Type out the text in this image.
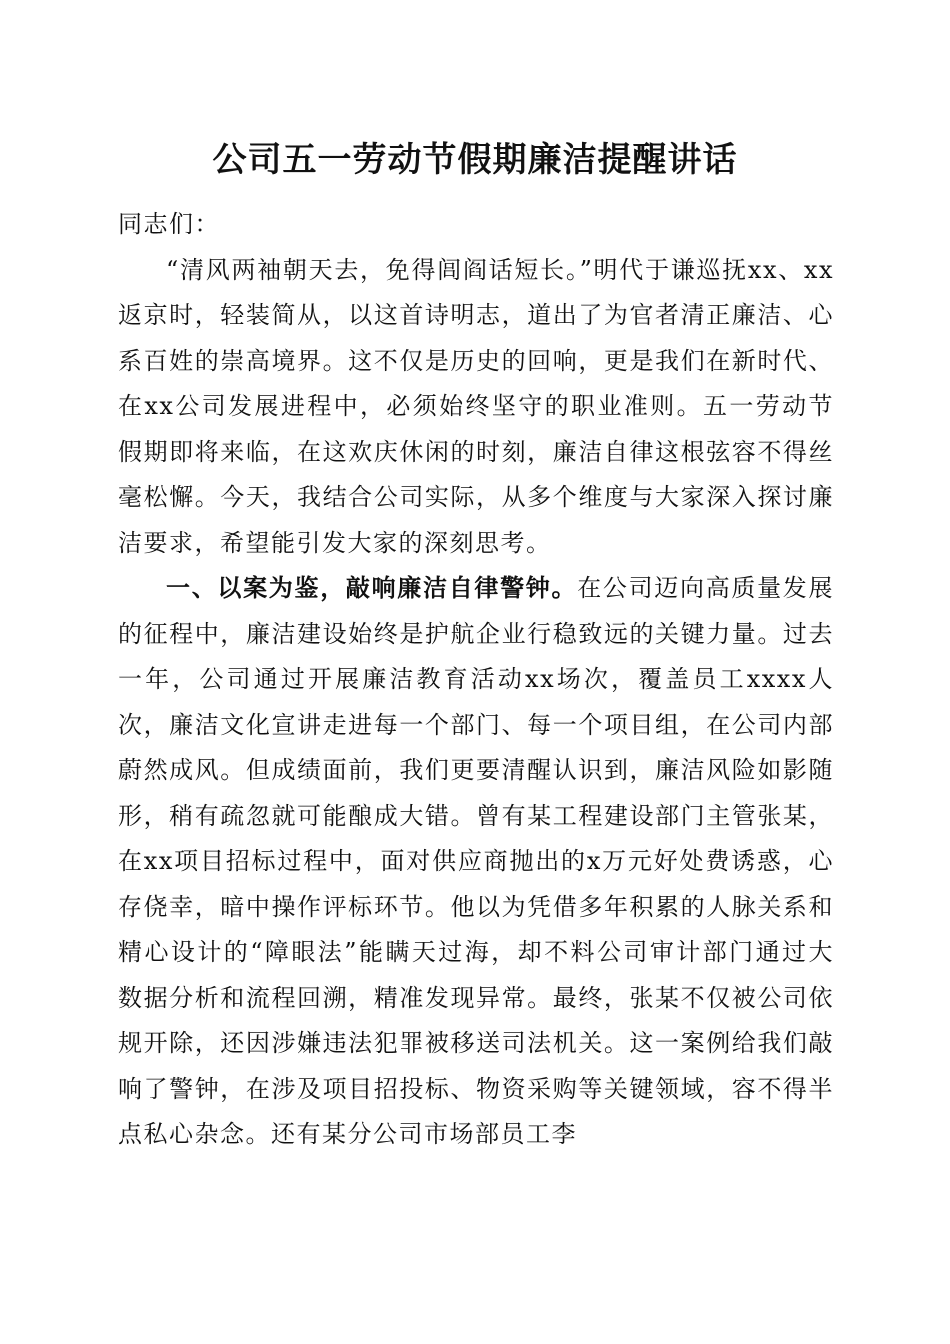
公司五一劳动节假期廉洁提醒讲话

同志们：

“清风两袖朝天去，免得闾阎话短长。”明代于谦巡抚xx、xx返京时，轻装简从，以这首诗明志，道出了为官者清正廉洁、心系百姓的崇高境界。这不仅是历史的回响，更是我们在新时代、在xx公司发展进程中，必须始终坚守的职业准则。五一劳动节假期即将来临，在这欢庆休闲的时刻，廉洁自律这根弦容不得丝毫松懈。今天，我结合公司实际，从多个维度与大家深入探讨廉洁要求，希望能引发大家的深刻思考。

一、以案为鉴，敲响廉洁自律警钟。在公司迈向高质量发展的征程中，廉洁建设始终是护航企业行稳致远的关键力量。过去一年，公司通过开展廉洁教育活动xx场次，覆盖员工xxxx人次，廉洁文化宣讲走进每一个部门、每一个项目组，在公司内部蔚然成风。但成绩面前，我们更要清醒认识到，廉洁风险如影随形，稍有疏忽就可能酿成大错。曾有某工程建设部门主管张某，在xx项目招标过程中，面对供应商抛出的x万元好处费诱惑，心存侥幸，暗中操作评标环节。他以为凭借多年积累的人脉关系和精心设计的“障眼法”能瞒天过海，却不料公司审计部门通过大数据分析和流程回溯，精准发现异常。最终，张某不仅被公司依规开除，还因涉嫌违法犯罪被移送司法机关。这一案例给我们敲响了警钟，在涉及项目招投标、物资采购等关键领域，容不得半点私心杂念。还有某分公司市场部员工李
